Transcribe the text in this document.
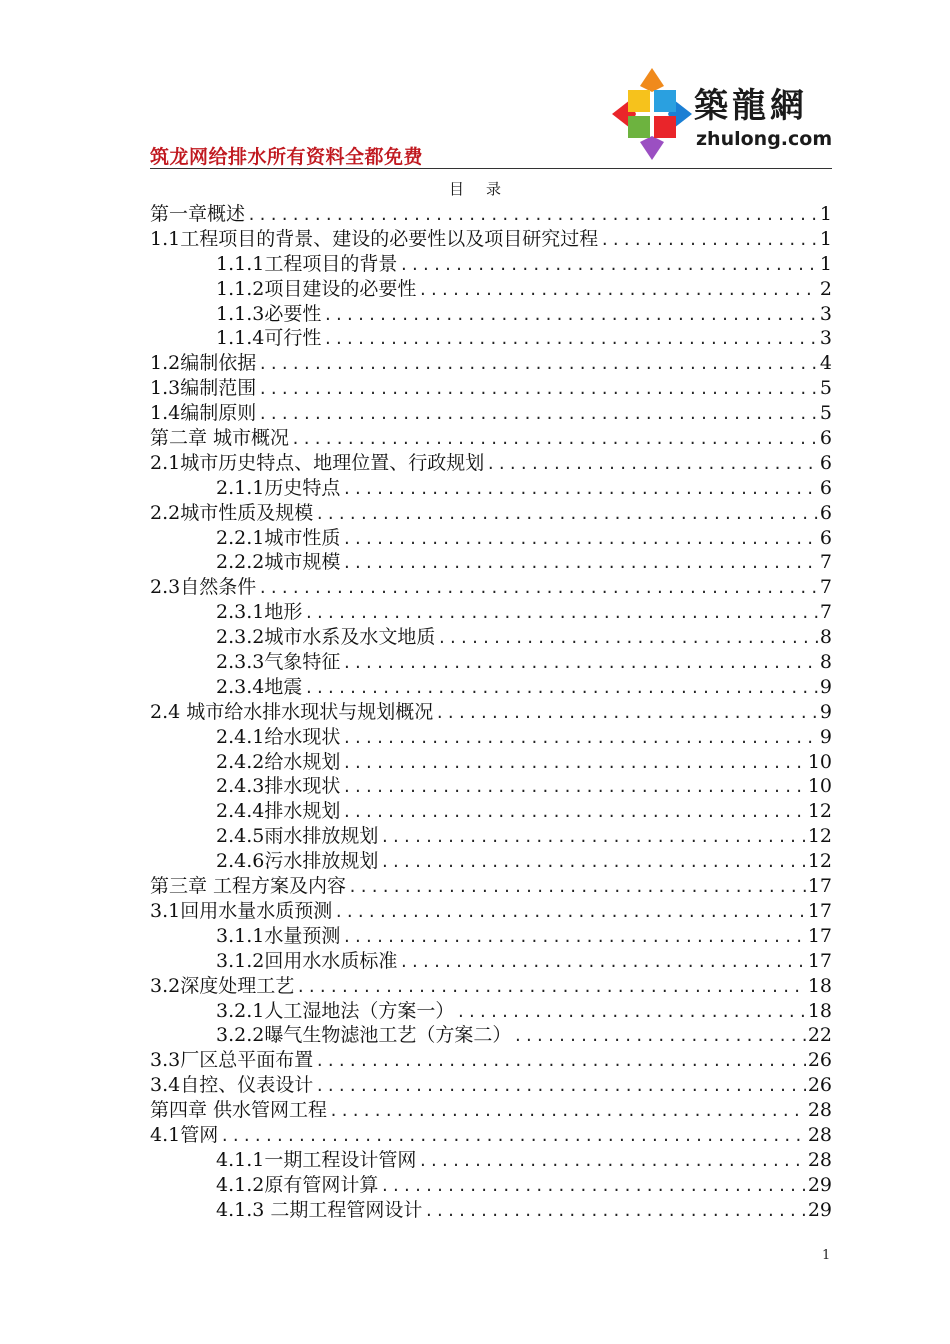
筑龙网给排水所有资料全都免费
築龍網
zhulong.com
目录
第一章概述 .....	1
1.1工程项目的背景、建设的必要性以及项目研究过程 .....	1
1.1.1工程项目的背景 .....	1
1.1.2项目建设的必要性 .....	2
1.1.3必要性 .....	3
1.1.4可行性 .....	3
1.2编制依据 .....	4
1.3编制范围 .....	5
1.4编制原则 .....	5
第二章 城市概况 .....	6
2.1城市历史特点、地理位置、行政规划 .....	6
2.1.1历史特点 .....	6
2.2城市性质及规模 .....	6
2.2.1城市性质 .....	6
2.2.2城市规模 .....	7
2.3自然条件 .....	7
2.3.1地形 .....	7
2.3.2城市水系及水文地质 .....	8
2.3.3气象特征 .....	8
2.3.4地震 .....	9
2.4 城市给水排水现状与规划概况 .....	9
2.4.1给水现状 .....	9
2.4.2给水规划 .....	10
2.4.3排水现状 .....	10
2.4.4排水规划 .....	12
2.4.5雨水排放规划 .....	12
2.4.6污水排放规划 .....	12
第三章 工程方案及内容 .....	17
3.1回用水量水质预测 .....	17
3.1.1水量预测 .....	17
3.1.2回用水水质标准 .....	17
3.2深度处理工艺 .....	18
3.2.1人工湿地法（方案一） .....	18
3.2.2曝气生物滤池工艺（方案二） .....	22
3.3厂区总平面布置 .....	26
3.4自控、仪表设计 .....	26
第四章 供水管网工程 .....	28
4.1管网 .....	28
4.1.1一期工程设计管网 .....	28
4.1.2原有管网计算 .....	29
4.1.3 二期工程管网设计 .....	29
1
